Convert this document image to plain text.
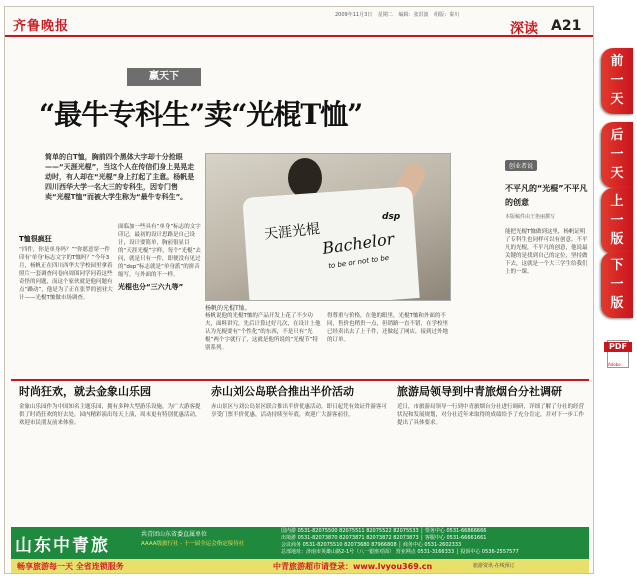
齐鲁晚报
2009年11月3日 星期二 编辑：张洪波 组版：秦川
深读 A21
赢天下
“最牛专科生”卖“光棍T恤”
简单的白T恤，胸前四个黑体大字却十分抢眼——“天涯光棍”，当这个人在传信们身上晃晃走动时，有人却在“光棍”身上打起了主意。杨帆是四川西华大学一名大三的专科生，因专门售卖“光棍T恤”而被大学生称为“最牛专科生”。
天涯光棍
dsp
Bachelor
to be or not to be
杨帆的光棍T恤。
T恤很疯狂
“四件，你是单身吗？”“你愿意穿一件印有‘单身’标志文字的T恤吗？”今年3月，杨帆正在四川西华大学校园里拿着照片一套调查问卷向周围同学问着这些奇怪的问题，而这个家伙就是他问题有点“躁动”，他是为了正在张罗的创业大计——光棍T恤做市场调查。
面临加一些具有“单身”标志的文字印记，最初的设计思路是自己设计，设计要简单，胸前很显目的“天涯光棍”字样，每个“光棍”去问，就是只有一件，即便没有见过的“dsp”标志就是“单身派”的拼音缩写，与外面的不一样。
光棍也分“三六九等”
杨帆说他的光棍T恤的产品开发上花了不少功夫，面料讲究，先后计算过好几次，在设计上他认为光棍要有“个性化”的东西，不是只有“光棍”两个字就行了，这就是他所说的“光棍节”特别系列。
得尊重与价格，在他的眼里，光棍T恤和外面的不同，售价也稍贵一点，但销路一直不错，在学校里已经卖出去了上千件，还做起了网店，接到过外地的订单。
创业者说
不平凡的“光棍”不平凡的创意
本版稿件由王艳丽撰写
能把光棍T恤做到这里，杨帆证明了专科生也同样可以有创意。不平凡的光棍，不平凡的创意，他说最关键的是找到自己的定位，坚持做下去，这就是一个大三学生给我们上的一课。
时尚狂欢，就去金象山乐园
金象山乐园作为中国知名主题乐园，拥有多种大型游乐设施，为广大游客提供了时尚狂欢的好去处。园内精彩演出每天上演，周末更有特别优惠活动，欢迎市民朋友前来体验。
赤山刘公岛联合推出半价活动
赤山景区与刘公岛景区联合推出半价优惠活动，即日起凭有效证件游客可享受门票半价优惠，活动持续至年底，欢迎广大游客前往。
旅游局领导到中青旅烟台分社调研
近日，市旅游局领导一行到中青旅烟台分社进行调研，详细了解了分社的经营状况和发展规划，对分社近年来取得的成绩给予了充分肯定，并对下一步工作提出了具体要求。
山东中青旅
共青团山东省委直属单位
AAAA级旅行社 · 十一届全运会指定接待社
国内游 0531-82075500 82075511 82075522 82075533 │ 票务中心 0531-66866666
出境游 0531-82073870 82073871 82073872 82073873 │ 客服中心 0531-66661661
会议商务 0531-82075510 82073680 87966808 │ 商务中心 0531-2602333
总部地址：济南市英雄山路2-1号（八一银座对面） 营业网点 0531-3166333 │ 投诉中心 0536-2557577
畅享旅游每一天 全省连锁服务	中青旅游超市请登录：www.lvyou369.cn	旅游资讯·在线预订
前
一
天
后
一
天
上
一
版
下
一
版
PDF
Adobe
